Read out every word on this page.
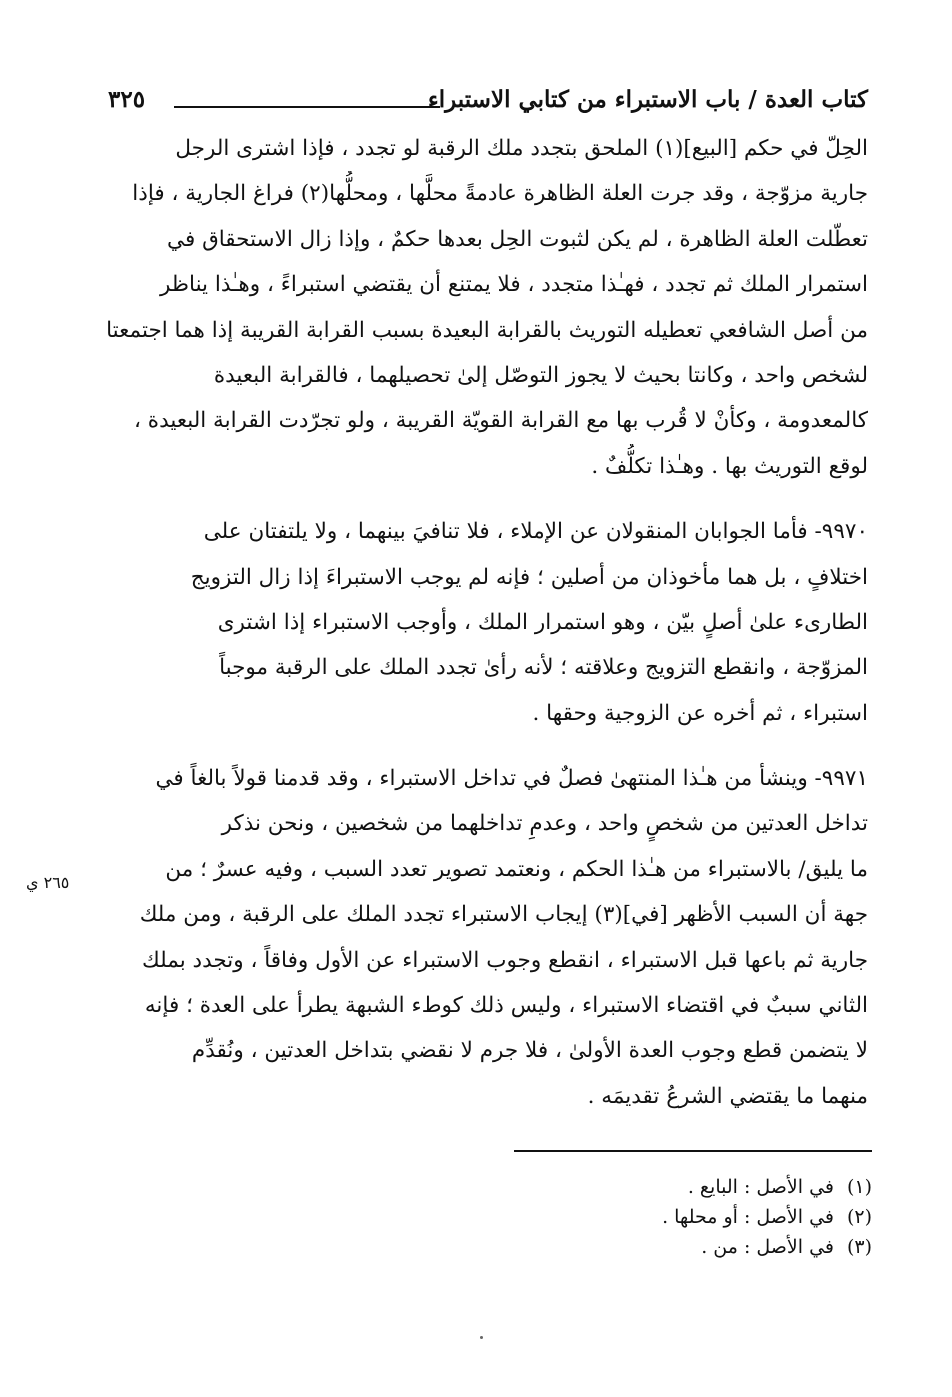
كتاب العدة / باب الاستبراء من كتابي الاستبراء
٣٢٥
الحِلّ في حكم [البيع](١) الملحق بتجدد ملك الرقبة لو تجدد ، فإذا اشترى الرجل
جارية مزوّجة ، وقد جرت العلة الظاهرة عادمةً محلَّها ، ومحلُّها(٢) فراغ الجارية ، فإذا
تعطّلت العلة الظاهرة ، لم يكن لثبوت الحِل بعدها حكمٌ ، وإذا زال الاستحقاق في
استمرار الملك ثم تجدد ، فهـٰذا متجدد ، فلا يمتنع أن يقتضي استبراءً ، وهـٰذا يناظر
من أصل الشافعي تعطيله التوريث بالقرابة البعيدة بسبب القرابة القريبة إذا هما اجتمعتا
لشخص واحد ، وكانتا بحيث لا يجوز التوصّل إلىٰ تحصيلهما ، فالقرابة البعيدة
كالمعدومة ، وكأنْ لا قُرب بها مع القرابة القويّة القريبة ، ولو تجرّدت القرابة البعيدة ،
لوقع التوريث بها . وهـٰذا تكلُّفٌ .
٩٩٧٠- فأما الجوابان المنقولان عن الإملاء ، فلا تنافيَ بينهما ، ولا يلتفتان على
اختلافٍ ، بل هما مأخوذان من أصلين ؛ فإنه لم يوجب الاستبراءَ إذا زال التزويج
الطارىء علىٰ أصلٍ بيّن ، وهو استمرار الملك ، وأوجب الاستبراء إذا اشترى
المزوّجة ، وانقطع التزويج وعلاقته ؛ لأنه رأىٰ تجدد الملك على الرقبة موجباً
استبراء ، ثم أخره عن الزوجية وحقها .
٩٩٧١- وينشأ من هـٰذا المنتهىٰ فصلٌ في تداخل الاستبراء ، وقد قدمنا قولاً بالغاً في
تداخل العدتين من شخصٍ واحد ، وعدمِ تداخلهما من شخصين ، ونحن نذكر
ما يليق/ بالاستبراء من هـٰذا الحكم ، ونعتمد تصوير تعدد السبب ، وفيه عسرٌ ؛ من
جهة أن السبب الأظهر [في](٣) إيجاب الاستبراء تجدد الملك على الرقبة ، ومن ملك
جارية ثم باعها قبل الاستبراء ، انقطع وجوب الاستبراء عن الأول وفاقاً ، وتجدد بملك
الثاني سببٌ في اقتضاء الاستبراء ، وليس ذلك كوطء الشبهة يطرأ على العدة ؛ فإنه
لا يتضمن قطع وجوب العدة الأولىٰ ، فلا جرم لا نقضي بتداخل العدتين ، ونُقدِّم
منهما ما يقتضي الشرعُ تقديمَه .
٢٦٥ ي
(١)في الأصل : البايع .
(٢)في الأصل : أو محلها .
(٣)في الأصل : من .
